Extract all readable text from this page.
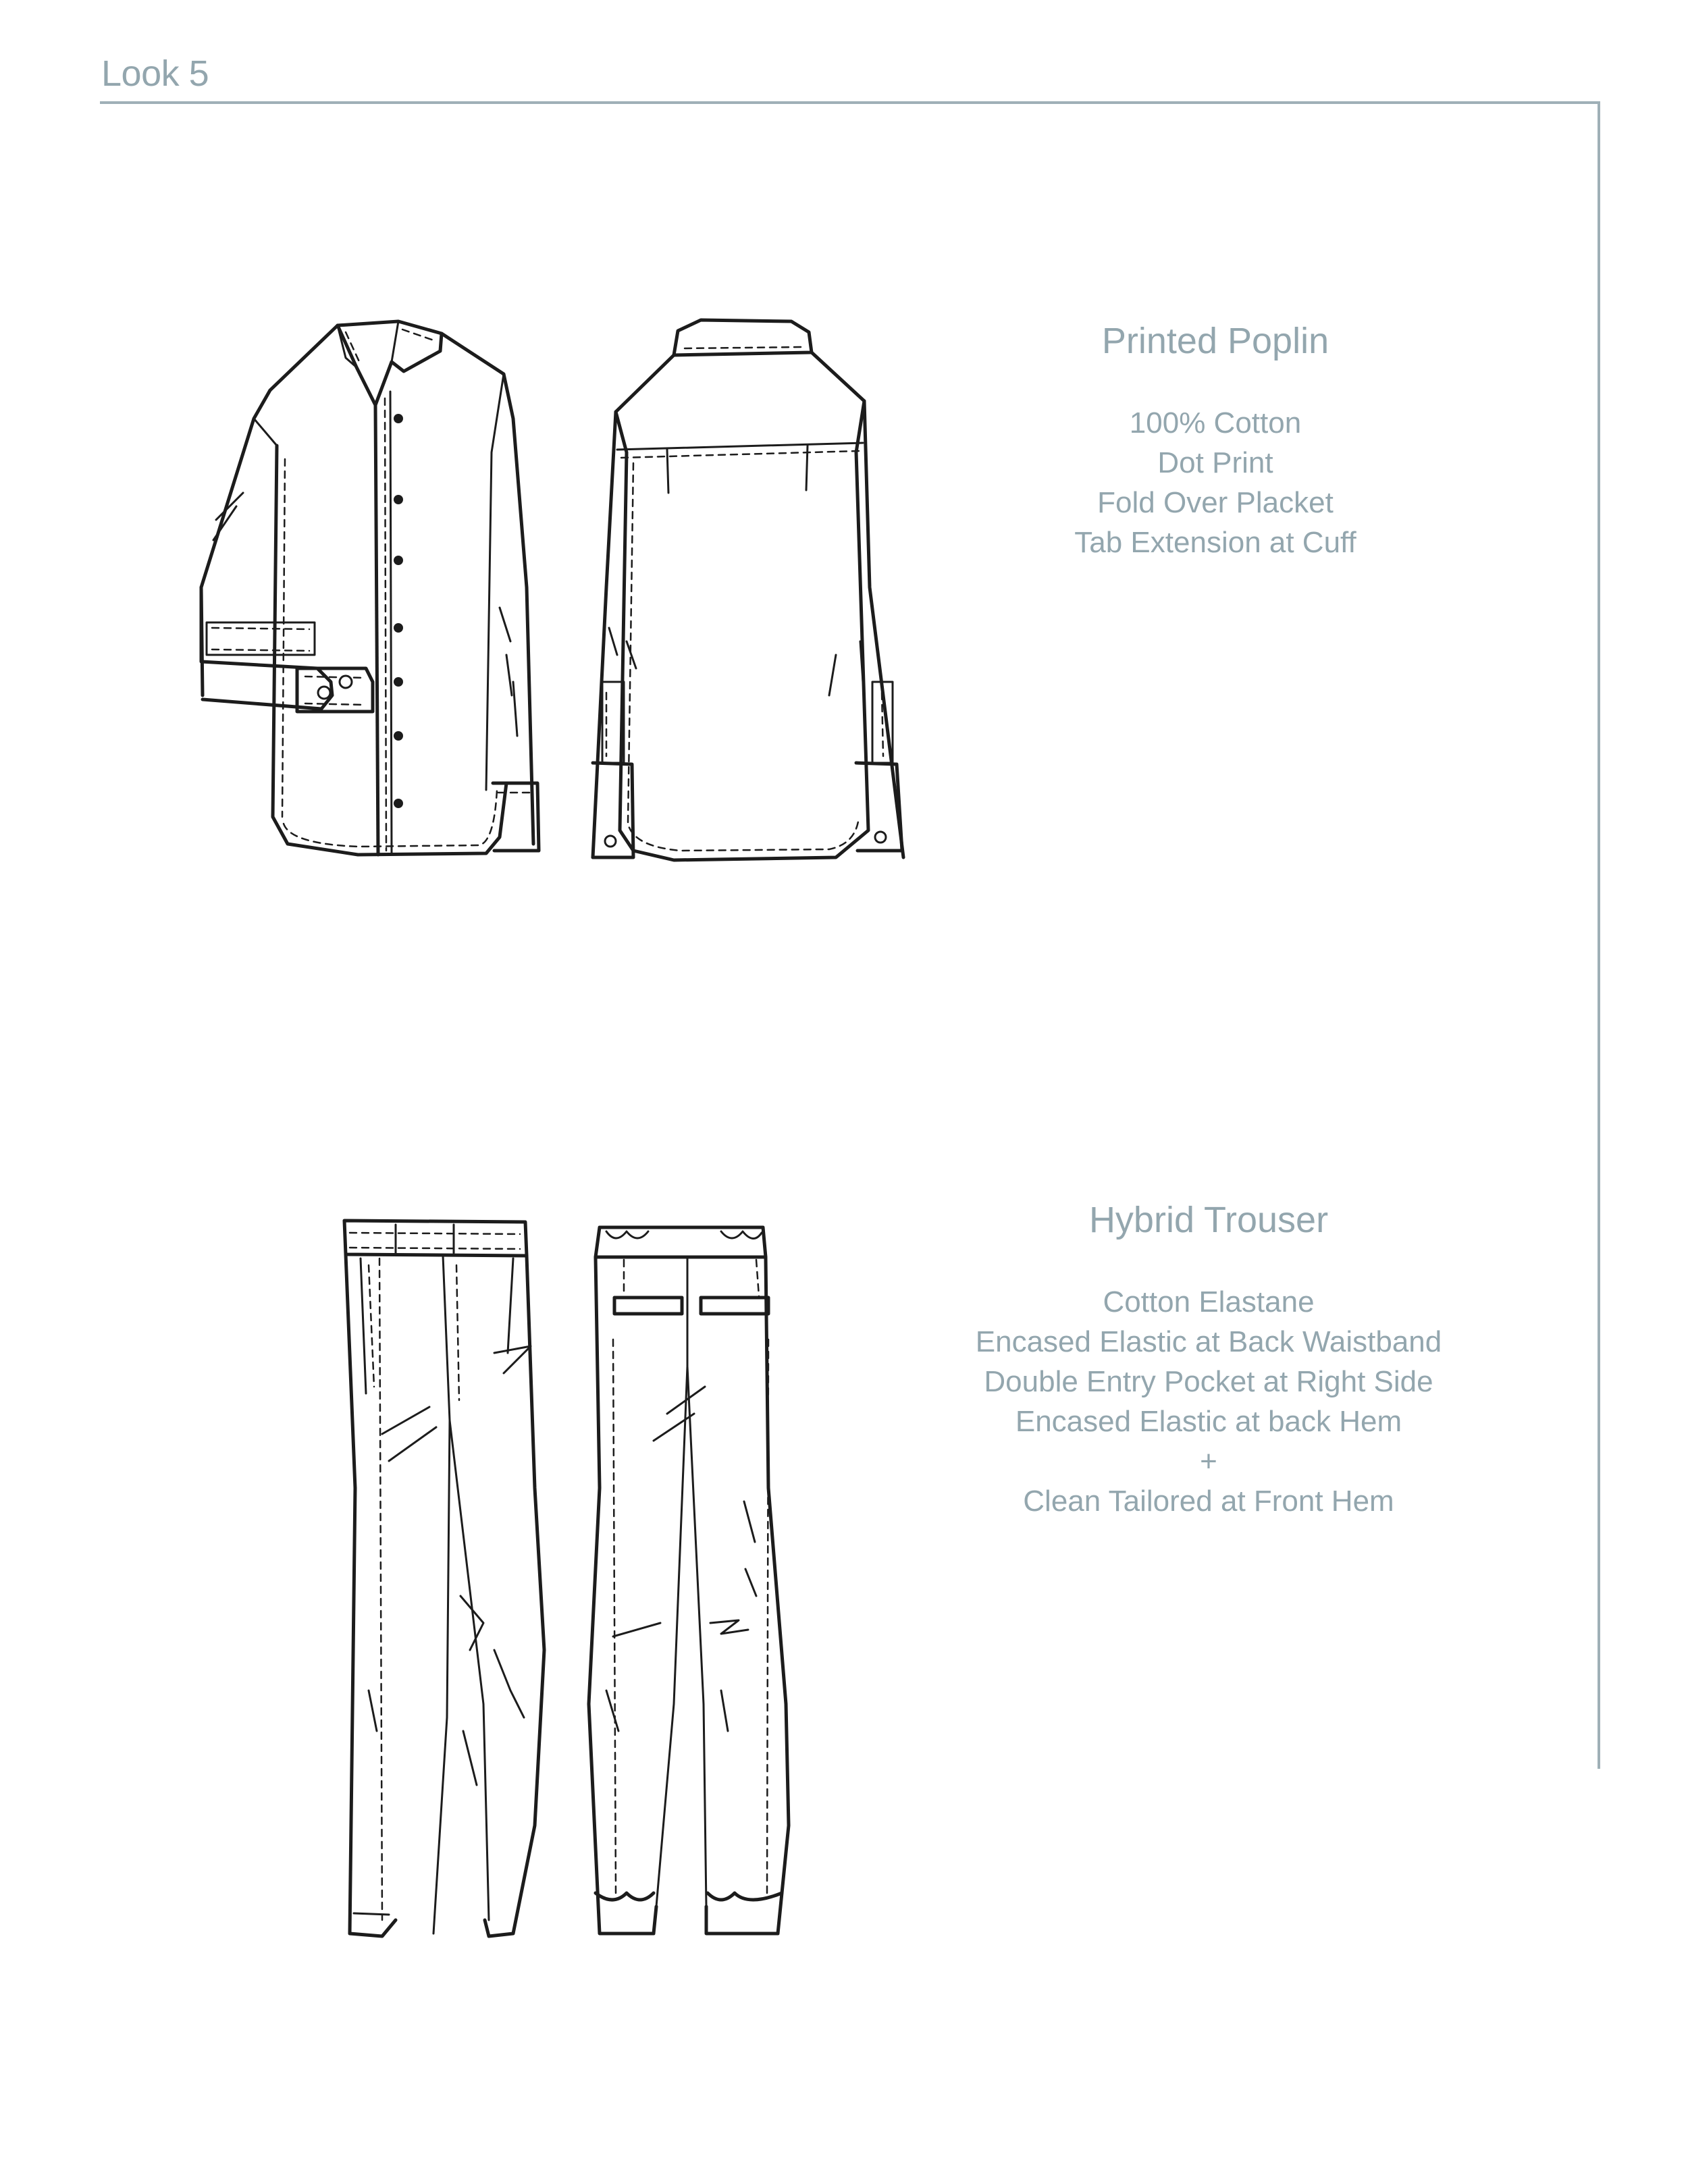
Look 5
Printed Poplin
100% Cotton
Dot Print
Fold Over Placket
Tab Extension at Cuff
Hybrid Trouser
Cotton Elastane
Encased Elastic at Back Waistband
Double Entry Pocket at Right Side
Encased Elastic at back Hem
+
Clean Tailored at Front Hem
